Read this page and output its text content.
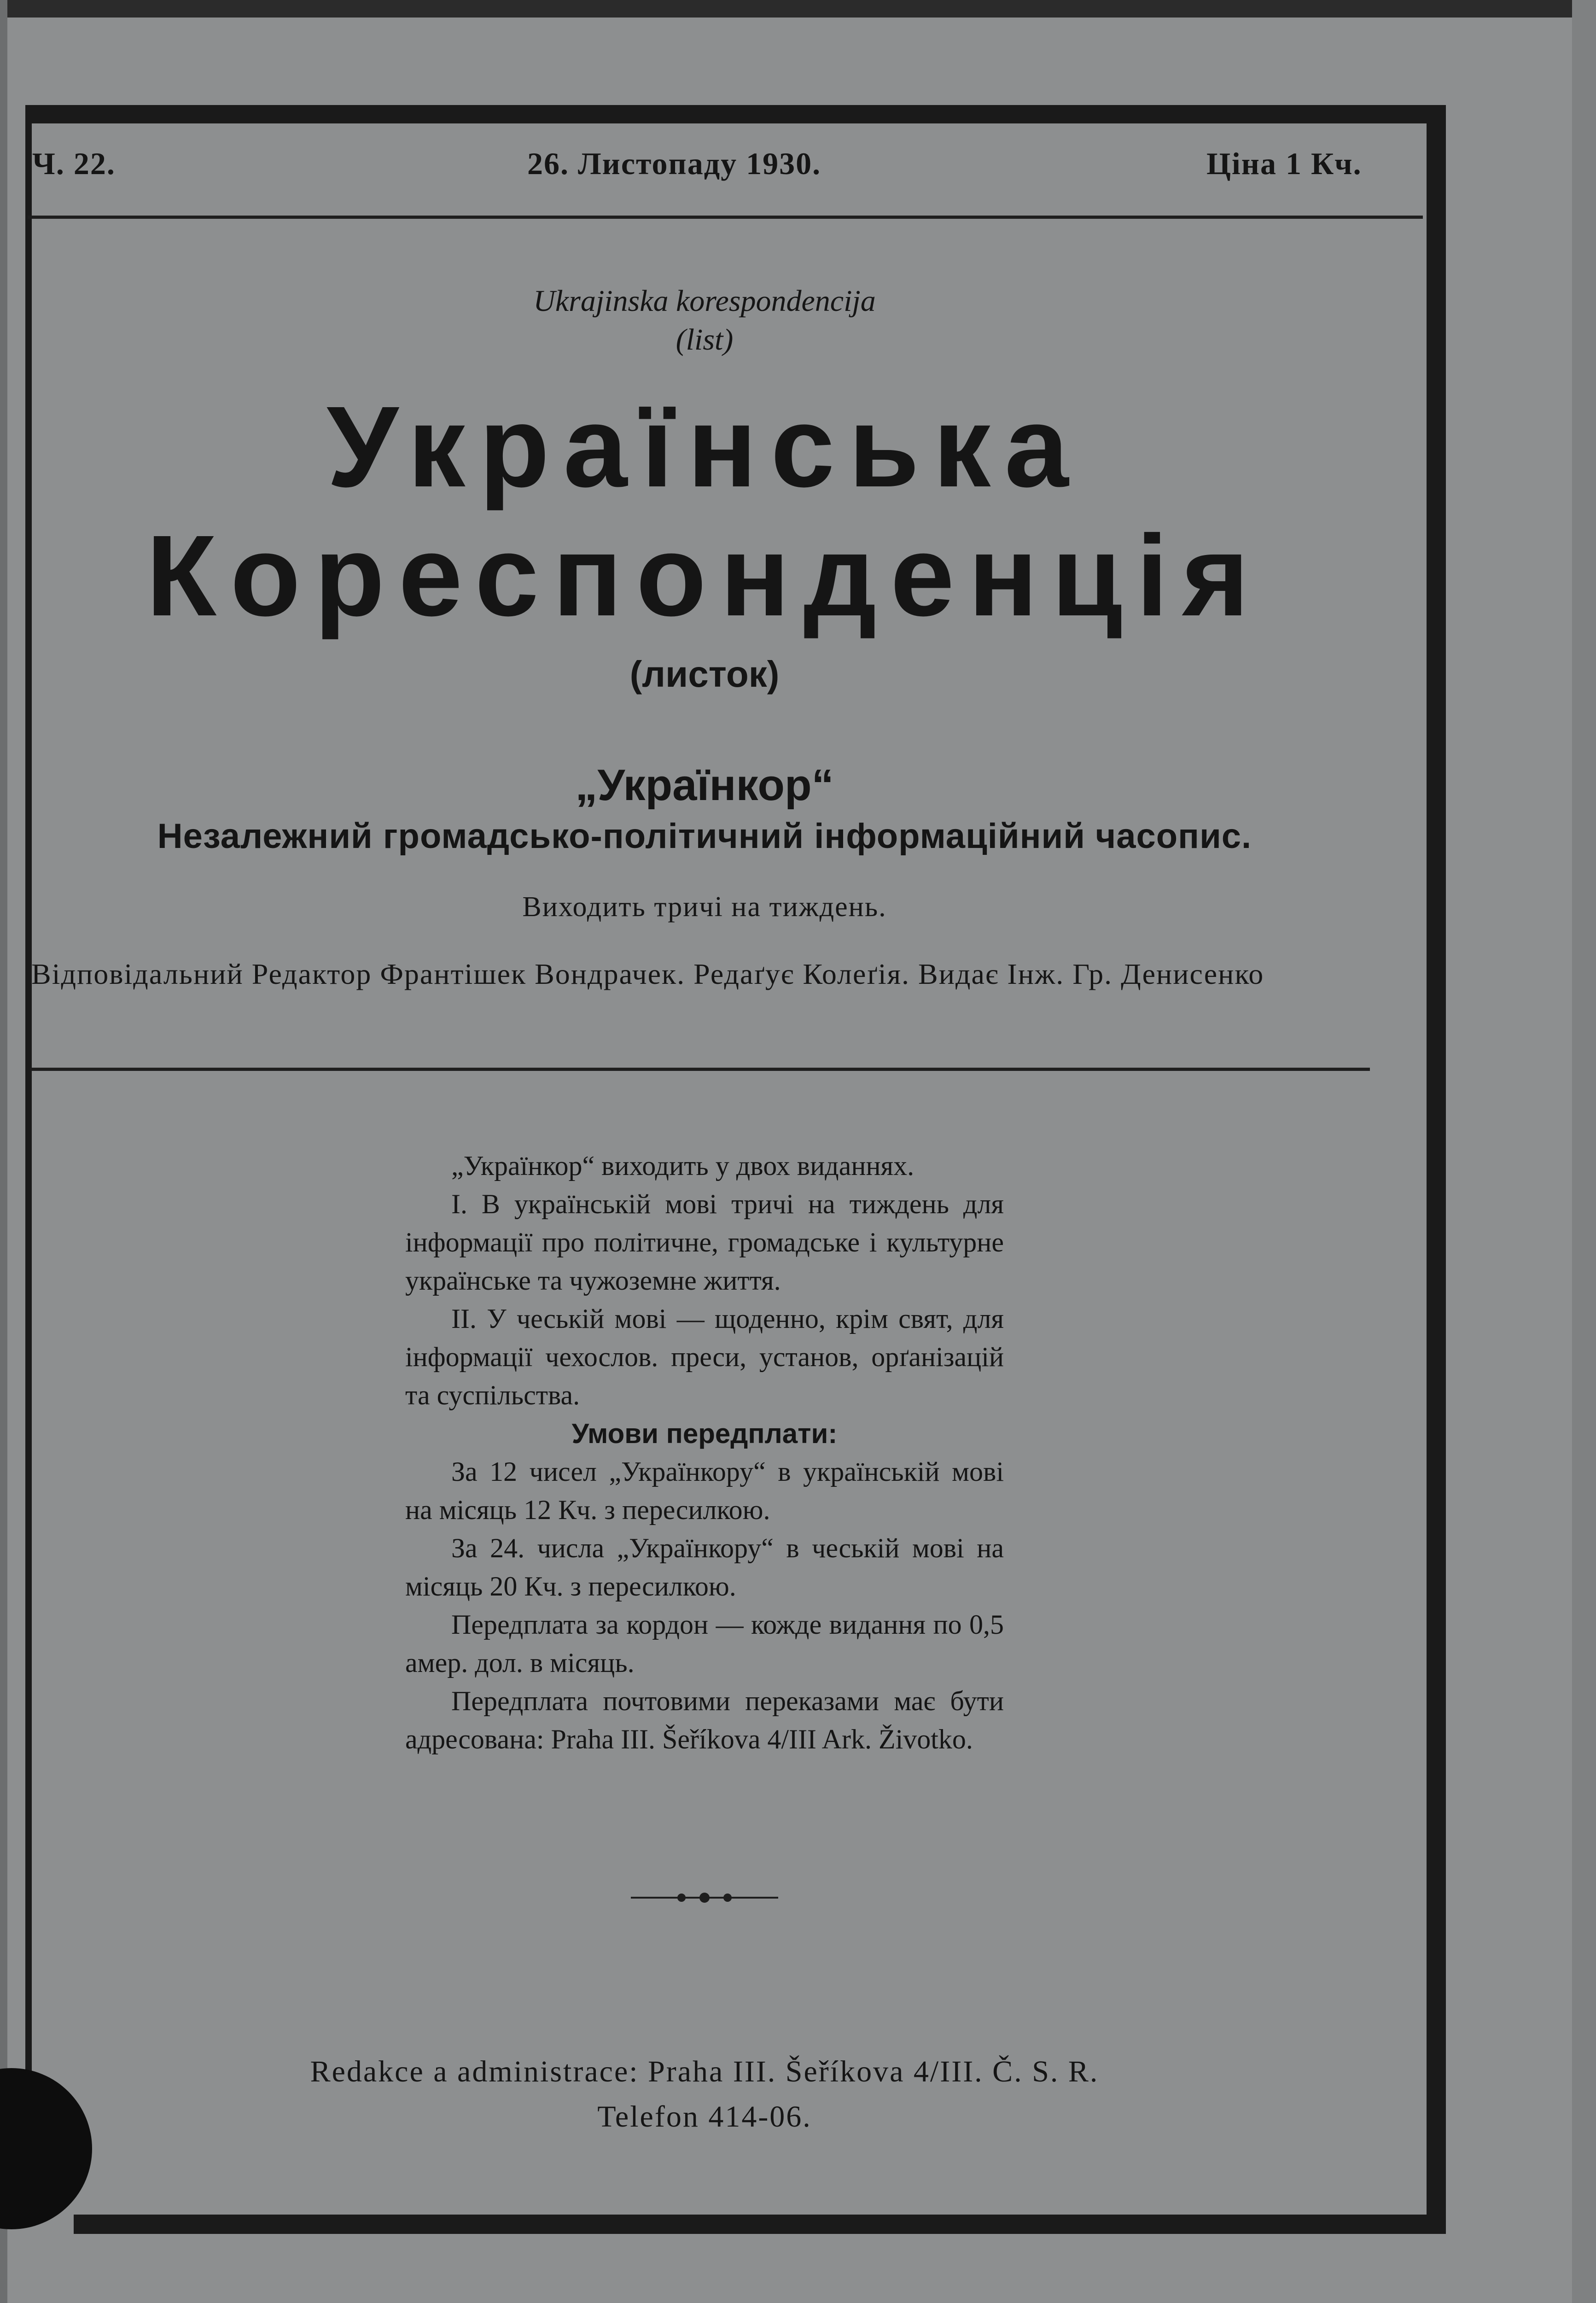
Ч. 22.	26. Листопаду 1930.	Ціна 1 Кч.
Ukrajinska korespondencija
(list)
Українська
Кореспонденція
(листок)
„Українкор“
Незалежний громадсько-політичний інформаційний часопис.
Виходить тричі на тиждень.
Відповідальний Редактор Франтішек Вондрачек. Редаґує Колеґія. Видає Інж. Гр. Денисенко

„Українкор“ виходить у двох виданнях.

І. В українській мові тричі на тиждень для інформації про політичне, громадське і культурне українське та чужоземне життя.

ІІ. У чеській мові — щоденно, крім свят, для інформації чехослов. преси, установ, орґанізацій та суспільства.

Умови передплати:

За 12 чисел „Українкору“ в українській мові на місяць 12 Кч. з пересилкою.

За 24. числа „Українкору“ в чеській мові на місяць 20 Кч. з пересилкою.

Передплата за кордон — кожде видання по 0,5 амер. дол. в місяць.

Передплата почтовими переказами має бути адресована: Praha III. Šeříkova 4/III Ark. Životko.

Redakce a administrace: Praha III. Šeříkova 4/III. Č. S. R.
Telefon 414-06.
